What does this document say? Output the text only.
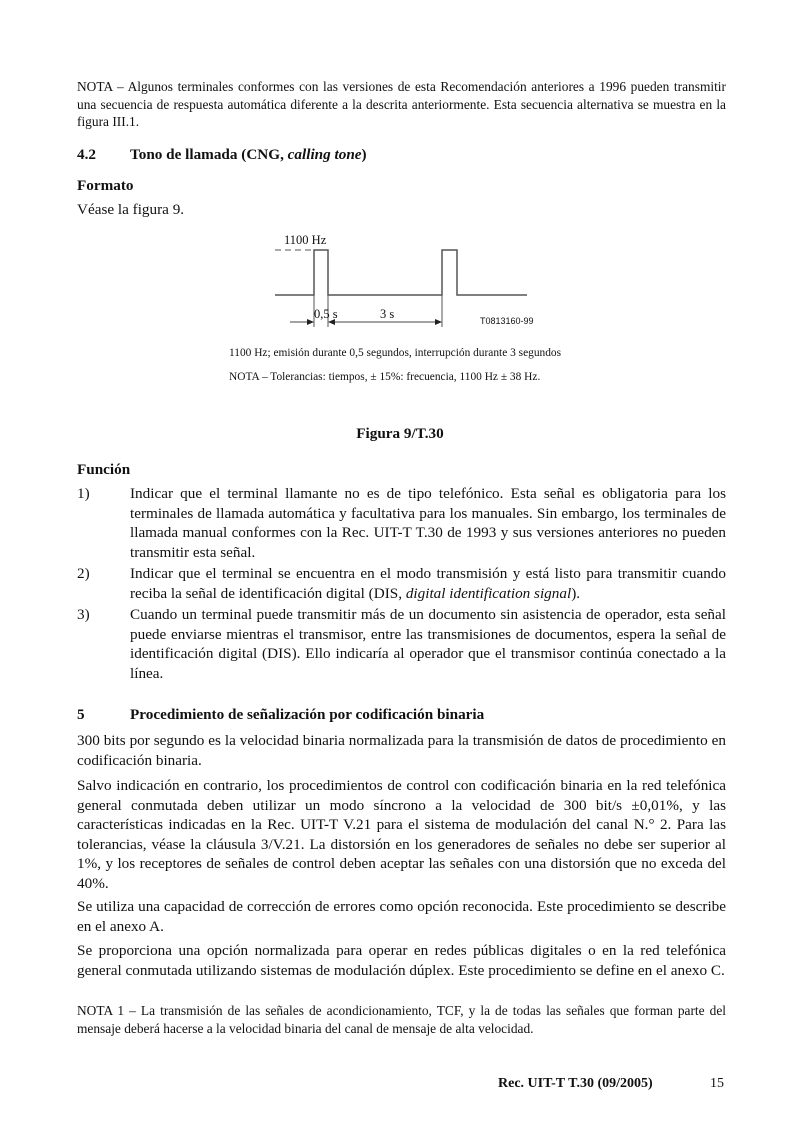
NOTA – Algunos terminales conformes con las versiones de esta Recomendación anteriores a 1996 pueden transmitir una secuencia de respuesta automática diferente a la descrita anteriormente. Esta secuencia alternativa se muestra en la figura III.1.

4.2 Tono de llamada (CNG, calling tone)

Formato

Véase la figura 9.

1100 Hz
0,5 s	3 s	T0813160-99
1100 Hz; emisión durante 0,5 segundos, interrupción durante 3 segundos
NOTA – Tolerancias: tiempos, ± 15%: frecuencia, 1100 Hz ± 38 Hz.
Figura 9/T.30

Función

1)	Indicar que el terminal llamante no es de tipo telefónico. Esta señal es obligatoria para los terminales de llamada automática y facultativa para los manuales. Sin embargo, los terminales de llamada manual conformes con la Rec. UIT-T T.30 de 1993 y sus versiones anteriores no pueden transmitir esta señal.
2)	Indicar que el terminal se encuentra en el modo transmisión y está listo para transmitir cuando reciba la señal de identificación digital (DIS, digital identification signal).
3)	Cuando un terminal puede transmitir más de un documento sin asistencia de operador, esta señal puede enviarse mientras el transmisor, entre las transmisiones de documentos, espera la señal de identificación digital (DIS). Ello indicaría al operador que el transmisor continúa conectado a la línea.

5	Procedimiento de señalización por codificación binaria

300 bits por segundo es la velocidad binaria normalizada para la transmisión de datos de procedimiento en codificación binaria.

Salvo indicación en contrario, los procedimientos de control con codificación binaria en la red telefónica general conmutada deben utilizar un modo síncrono a la velocidad de 300 bit/s ±0,01%, y las características indicadas en la Rec. UIT-T V.21 para el sistema de modulación del canal N.° 2. Para las tolerancias, véase la cláusula 3/V.21. La distorsión en los generadores de señales no debe ser superior al 1%, y los receptores de señales de control deben aceptar las señales con una distorsión que no exceda del 40%.

Se utiliza una capacidad de corrección de errores como opción reconocida. Este procedimiento se describe en el anexo A.

Se proporciona una opción normalizada para operar en redes públicas digitales o en la red telefónica general conmutada utilizando sistemas de modulación dúplex. Este procedimiento se define en el anexo C.

NOTA 1 – La transmisión de las señales de acondicionamiento, TCF, y la de todas las señales que forman parte del mensaje deberá hacerse a la velocidad binaria del canal de mensaje de alta velocidad.

Rec. UIT-T T.30 (09/2005)	15
